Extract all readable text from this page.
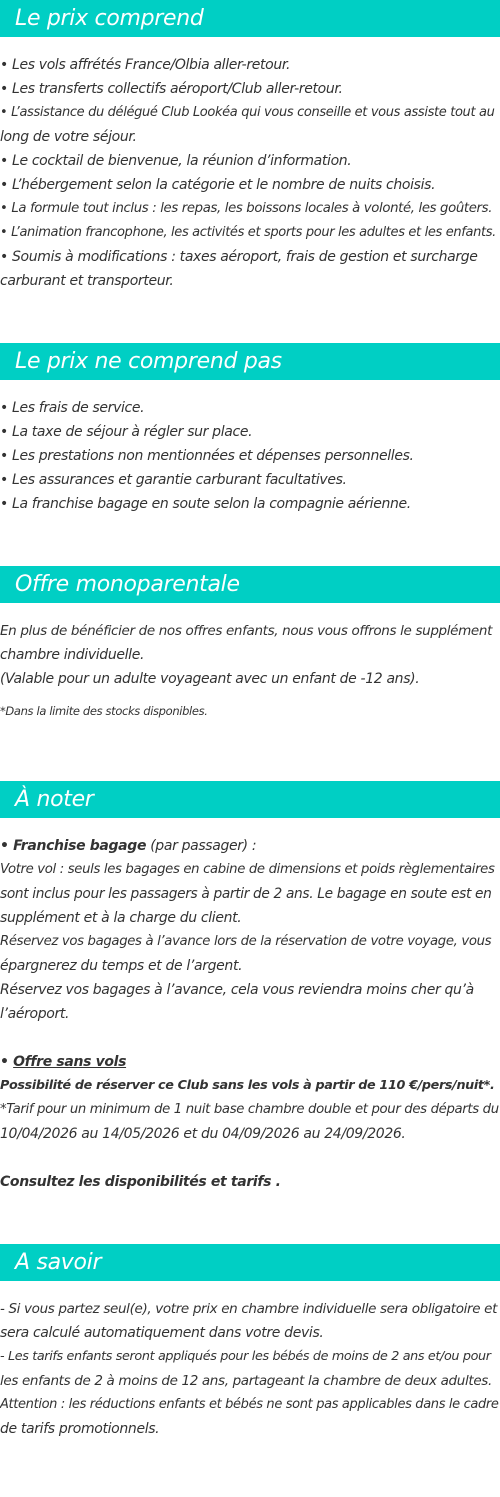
Le prix comprend
• Les vols affrétés France/Olbia aller-retour.
• Les transferts collectifs aéroport/Club aller-retour.
• L’assistance du délégué Club Lookéa qui vous conseille et vous assiste tout au
long de votre séjour.
• Le cocktail de bienvenue, la réunion d’information.
• L’hébergement selon la catégorie et le nombre de nuits choisis.
• La formule tout inclus : les repas, les boissons locales à volonté, les goûters.
• L’animation francophone, les activités et sports pour les adultes et les enfants.
• Soumis à modifications : taxes aéroport, frais de gestion et surcharge
carburant et transporteur.
Le prix ne comprend pas
• Les frais de service.
• La taxe de séjour à régler sur place.
• Les prestations non mentionnées et dépenses personnelles.
• Les assurances et garantie carburant facultatives.
• La franchise bagage en soute selon la compagnie aérienne.
Offre monoparentale
En plus de bénéficier de nos offres enfants, nous vous offrons le supplément
chambre individuelle.
(Valable pour un adulte voyageant avec un enfant de -12 ans).
*Dans la limite des stocks disponibles.
À noter
• Franchise bagage (par passager) :
Votre vol : seuls les bagages en cabine de dimensions et poids règlementaires
sont inclus pour les passagers à partir de 2 ans. Le bagage en soute est en
supplément et à la charge du client.
Réservez vos bagages à l’avance lors de la réservation de votre voyage, vous
épargnerez du temps et de l’argent.
Réservez vos bagages à l’avance, cela vous reviendra moins cher qu’à
l’aéroport.
• Offre sans vols
Possibilité de réserver ce Club sans les vols à partir de 110 €/pers/nuit*.
*Tarif pour un minimum de 1 nuit base chambre double et pour des départs du
10/04/2026 au 14/05/2026 et du 04/09/2026 au 24/09/2026.
Consultez les disponibilités et tarifs .
A savoir
- Si vous partez seul(e), votre prix en chambre individuelle sera obligatoire et
sera calculé automatiquement dans votre devis.
- Les tarifs enfants seront appliqués pour les bébés de moins de 2 ans et/ou pour
les enfants de 2 à moins de 12 ans, partageant la chambre de deux adultes.
Attention : les réductions enfants et bébés ne sont pas applicables dans le cadre
de tarifs promotionnels.
